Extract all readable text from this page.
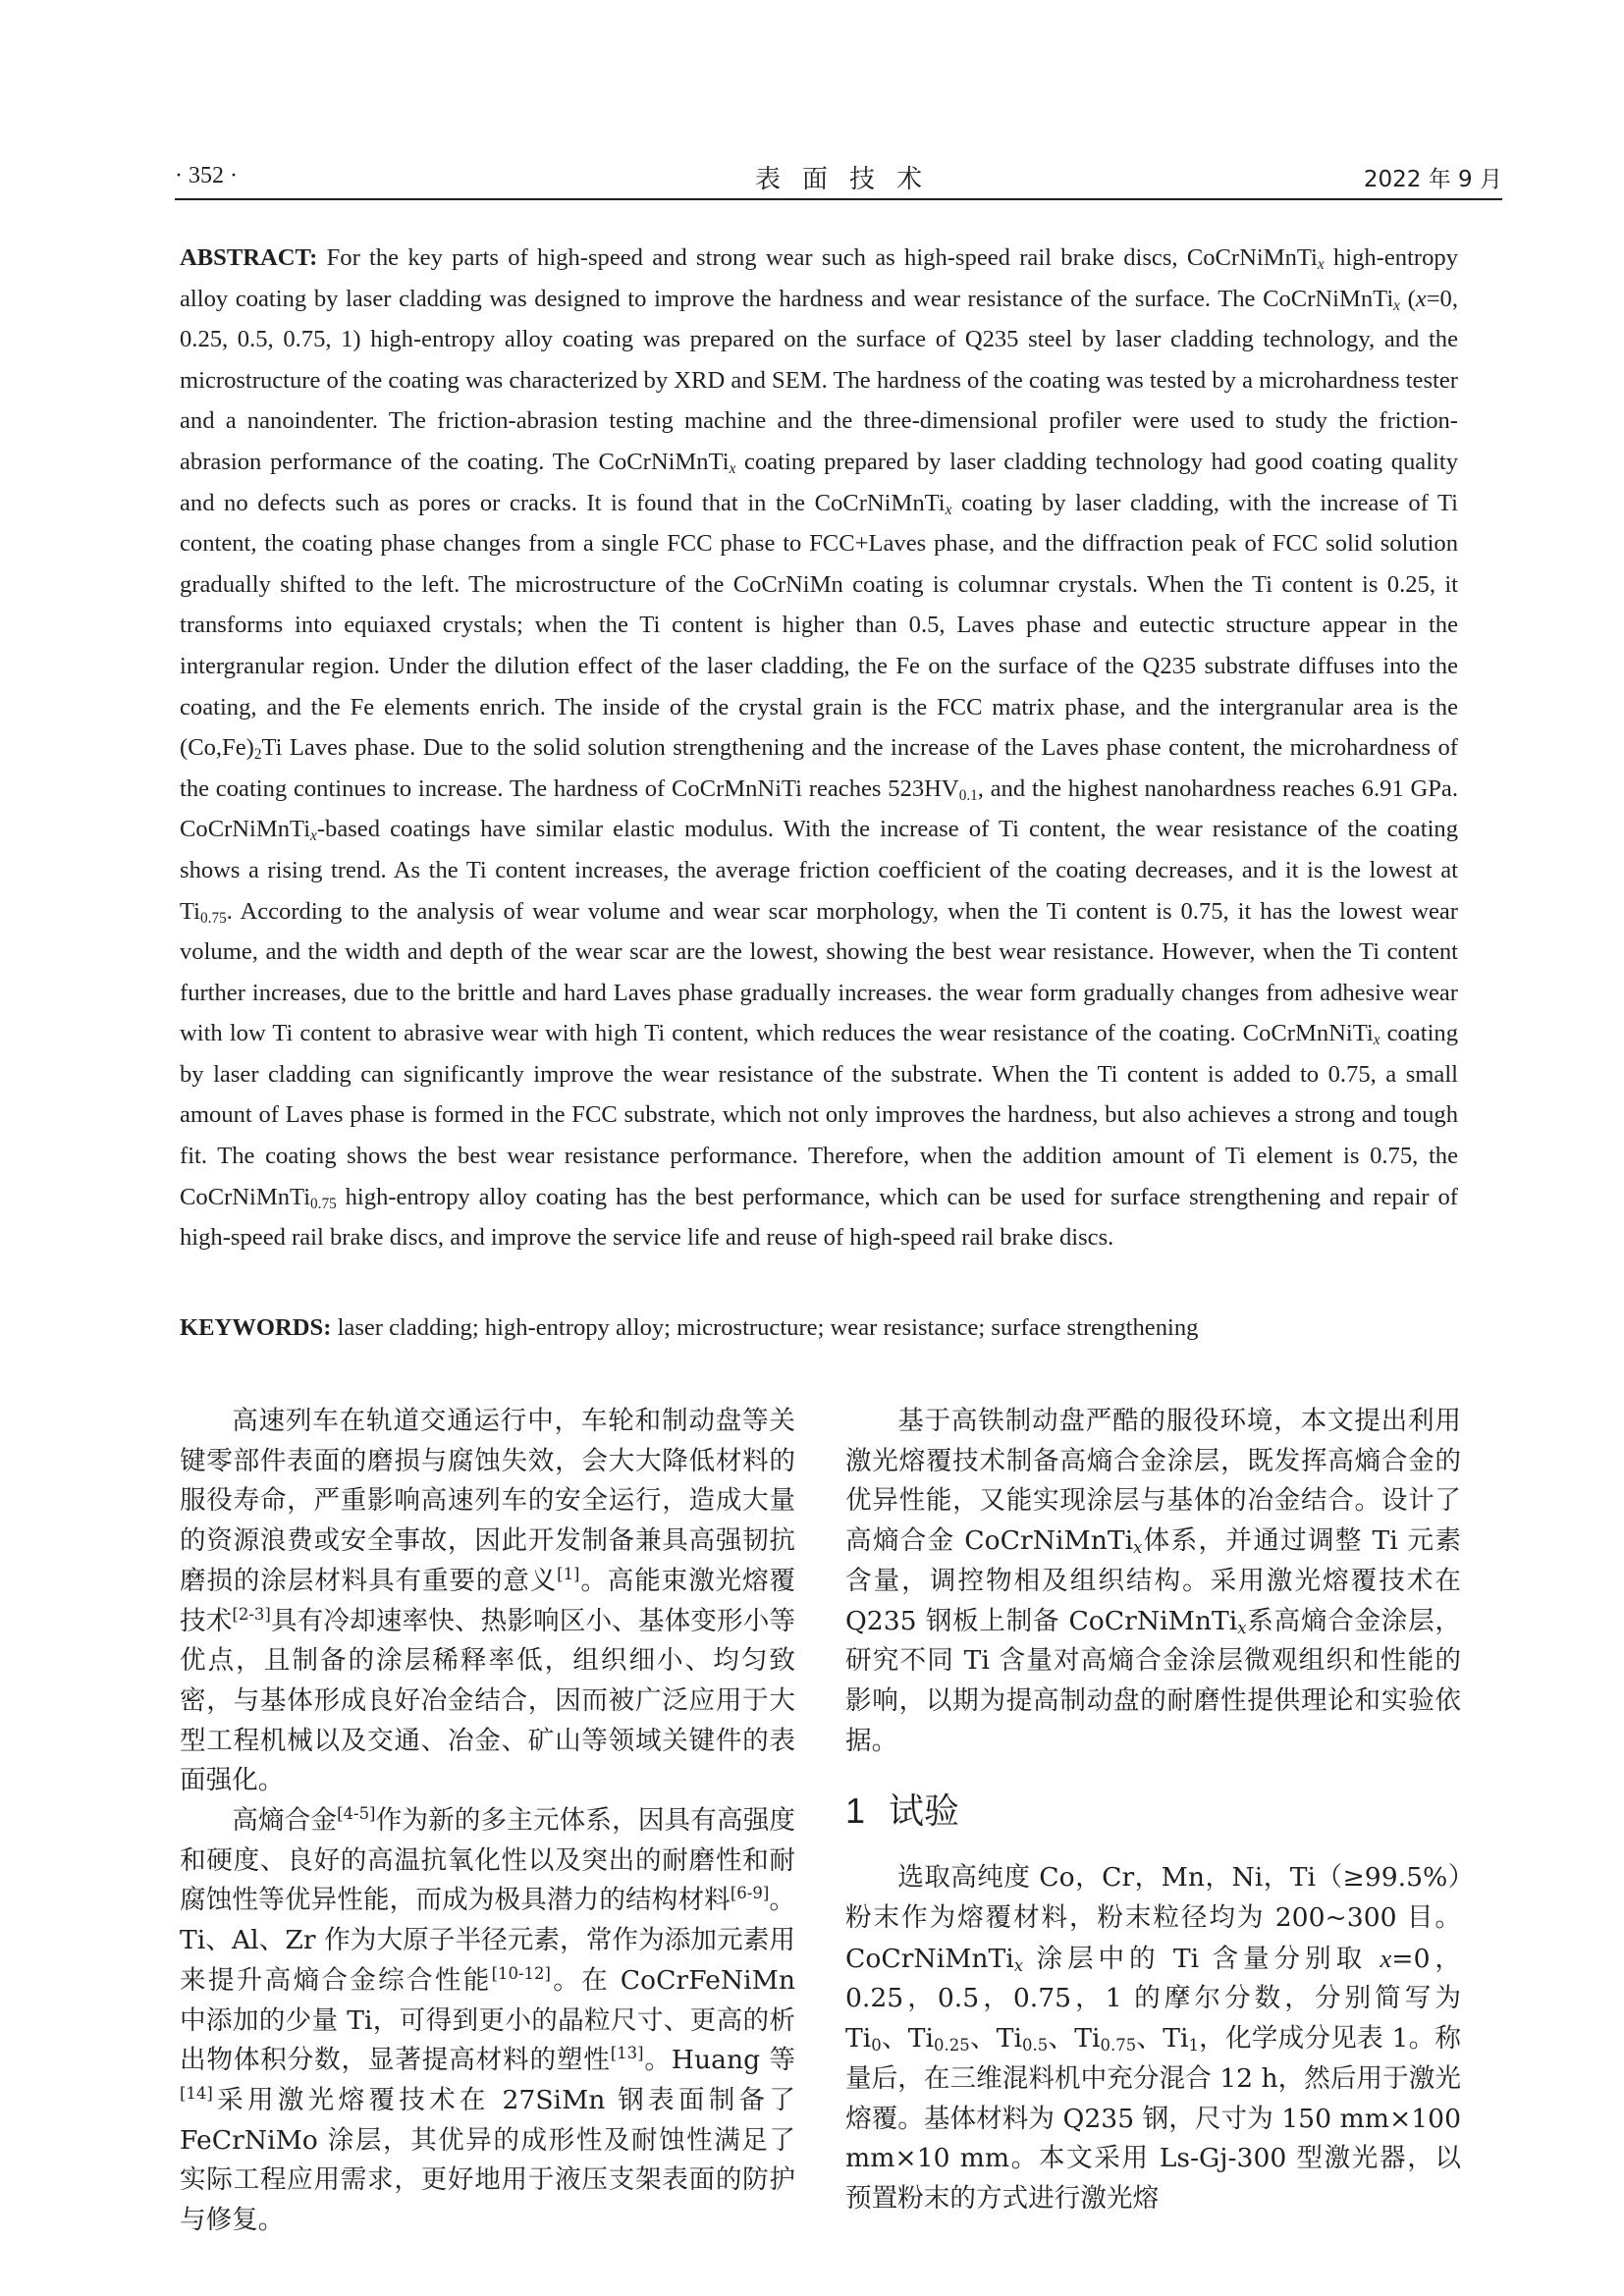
· 352 ·	表面技术	2022 年 9 月
ABSTRACT: For the key parts of high-speed and strong wear such as high-speed rail brake discs, CoCrNiMnTi$_x$ high-entropy alloy coating by laser cladding was designed to improve the hardness and wear resistance of the surface. The CoCrNiMnTi$_x$ (x=0, 0.25, 0.5, 0.75, 1) high-entropy alloy coating was prepared on the surface of Q235 steel by laser cladding technology, and the microstructure of the coating was characterized by XRD and SEM. The hardness of the coating was tested by a microhardness tester and a nanoindenter. The friction-abrasion testing machine and the three-dimensional profiler were used to study the friction-abrasion performance of the coating. The CoCrNiMnTi$_x$ coating prepared by laser cladding technology had good coating quality and no defects such as pores or cracks. It is found that in the CoCrNiMnTi$_x$ coating by laser cladding, with the increase of Ti content, the coating phase changes from a single FCC phase to FCC+Laves phase, and the diffraction peak of FCC solid solution gradually shifted to the left. The microstructure of the CoCrNiMn coating is columnar crystals. When the Ti content is 0.25, it transforms into equiaxed crystals; when the Ti content is higher than 0.5, Laves phase and eutectic structure appear in the intergranular region. Under the dilution effect of the laser cladding, the Fe on the surface of the Q235 substrate diffuses into the coating, and the Fe elements enrich. The inside of the crystal grain is the FCC matrix phase, and the intergranular area is the $(Co,Fe)_2Ti$ Laves phase. Due to the solid solution strengthening and the increase of the Laves phase content, the microhardness of the coating continues to increase. The hardness of CoCrMnNiTi reaches $523HV_{0.1}$, and the highest nanohardness reaches 6.91 GPa. CoCrNiMnTi$_x$-based coatings have similar elastic modulus. With the increase of Ti content, the wear resistance of the coating shows a rising trend. As the Ti content increases, the average friction coefficient of the coating decreases, and it is the lowest at $Ti_{0.75}$. According to the analysis of wear volume and wear scar morphology, when the Ti content is 0.75, it has the lowest wear volume, and the width and depth of the wear scar are the lowest, showing the best wear resistance. However, when the Ti content further increases, due to the brittle and hard Laves phase gradually increases. the wear form gradually changes from adhesive wear with low Ti content to abrasive wear with high Ti content, which reduces the wear resistance of the coating. CoCrMnNiTi$_x$ coating by laser cladding can significantly improve the wear resistance of the substrate. When the Ti content is added to 0.75, a small amount of Laves phase is formed in the FCC substrate, which not only improves the hardness, but also achieves a strong and tough fit. The coating shows the best wear resistance performance. Therefore, when the addition amount of Ti element is 0.75, the CoCrNiMnTi$_{0.75}$ high-entropy alloy coating has the best performance, which can be used for surface strengthening and repair of high-speed rail brake discs, and improve the service life and reuse of high-speed rail brake discs.
KEYWORDS: laser cladding; high-entropy alloy; microstructure; wear resistance; surface strengthening

高速列车在轨道交通运行中，车轮和制动盘等关键零部件表面的磨损与腐蚀失效，会大大降低材料的服役寿命，严重影响高速列车的安全运行，造成大量的资源浪费或安全事故，因此开发制备兼具高强韧抗磨损的涂层材料具有重要的意义[1]。高能束激光熔覆技术[2-3]具有冷却速率快、热影响区小、基体变形小等优点，且制备的涂层稀释率低，组织细小、均匀致密，与基体形成良好冶金结合，因而被广泛应用于大型工程机械以及交通、冶金、矿山等领域关键件的表面强化。

高熵合金[4-5]作为新的多主元体系，因具有高强度和硬度、良好的高温抗氧化性以及突出的耐磨性和耐腐蚀性等优异性能，而成为极具潜力的结构材料[6-9]。Ti、Al、Zr 作为大原子半径元素，常作为添加元素用来提升高熵合金综合性能[10-12]。在 CoCrFeNiMn 中添加的少量 Ti，可得到更小的晶粒尺寸、更高的析出物体积分数，显著提高材料的塑性[13]。Huang 等[14]采用激光熔覆技术在 27SiMn 钢表面制备了 FeCrNiMo 涂层，其优异的成形性及耐蚀性满足了实际工程应用需求，更好地用于液压支架表面的防护与修复。

基于高铁制动盘严酷的服役环境，本文提出利用激光熔覆技术制备高熵合金涂层，既发挥高熵合金的优异性能，又能实现涂层与基体的冶金结合。设计了高熵合金 CoCrNiMnTi$_x$体系，并通过调整 Ti 元素含量，调控物相及组织结构。采用激光熔覆技术在 Q235 钢板上制备 CoCrNiMnTi$_x$系高熵合金涂层，研究不同 Ti 含量对高熵合金涂层微观组织和性能的影响，以期为提高制动盘的耐磨性提供理论和实验依据。

1 试验

选取高纯度 Co，Cr，Mn，Ni，Ti（≥99.5%）粉末作为熔覆材料，粉末粒径均为 200~300 目。CoCrNiMnTi$_x$ 涂层中的 Ti 含量分别取 x=0，0.25，0.5，0.75，1 的摩尔分数，分别简写为 $Ti_0$、$Ti_{0.25}$、$Ti_{0.5}$、$Ti_{0.75}$、$Ti_1$，化学成分见表 1。称量后，在三维混料机中充分混合 12 h，然后用于激光熔覆。基体材料为 Q235 钢，尺寸为 150 mm×100 mm×10 mm。本文采用 Ls-Gj-300 型激光器，以预置粉末的方式进行激光熔
